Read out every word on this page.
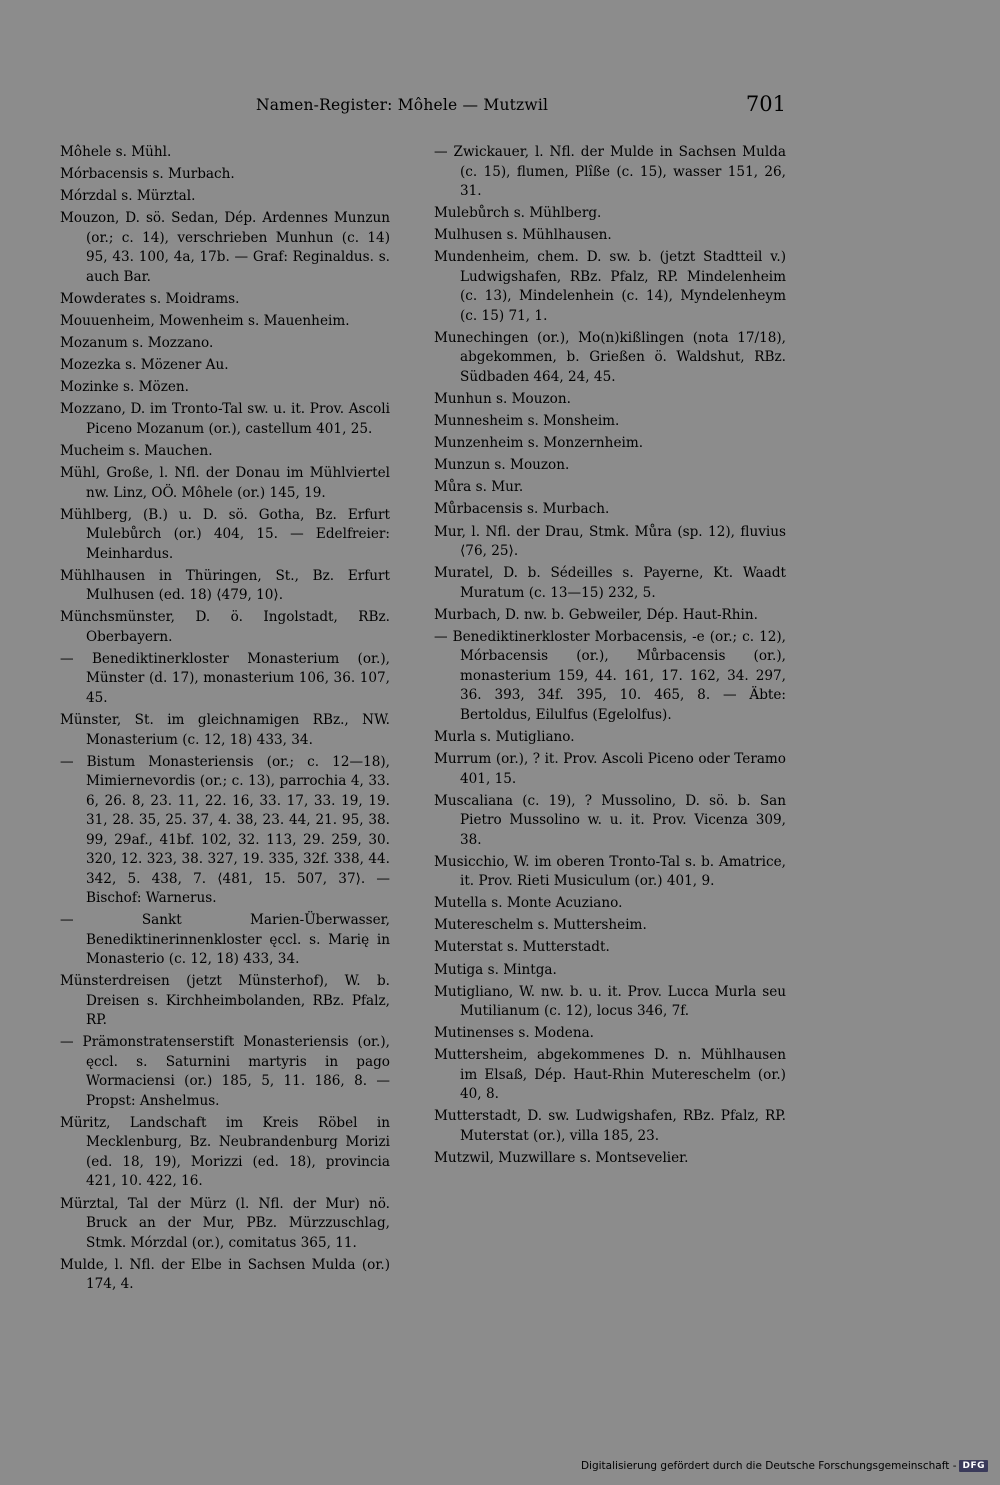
Namen-Register: Môhele — Mutzwil	701
Môhele s. Mühl.
Mórbacensis s. Murbach.
Mórzdal s. Mürztal.
Mouzon, D. sö. Sedan, Dép. Ardennes Munzun (or.; c. 14), verschrieben Munhun (c. 14) 95, 43. 100, 4a, 17b. — Graf: Reginaldus. s. auch Bar.
Mowderates s. Moidrams.
Mouuenheim, Mowenheim s. Mauenheim.
Mozanum s. Mozzano.
Mozezka s. Mözener Au.
Mozinke s. Mözen.
Mozzano, D. im Tronto-Tal sw. u. it. Prov. Ascoli Piceno Mozanum (or.), castellum 401, 25.
Mucheim s. Mauchen.
Mühl, Große, l. Nfl. der Donau im Mühlviertel nw. Linz, OÖ. Môhele (or.) 145, 19.
Mühlberg, (B.) u. D. sö. Gotha, Bz. Erfurt Mulebůrch (or.) 404, 15. — Edelfreier: Meinhardus.
Mühlhausen in Thüringen, St., Bz. Erfurt Mulhusen (ed. 18) ⟨479, 10⟩.
Münchsmünster, D. ö. Ingolstadt, RBz. Oberbayern.
— Benediktinerkloster Monasterium (or.), Münster (d. 17), monasterium 106, 36. 107, 45.
Münster, St. im gleichnamigen RBz., NW. Monasterium (c. 12, 18) 433, 34.
— Bistum Monasteriensis (or.; c. 12—18), Mimiernevordis (or.; c. 13), parrochia 4, 33. 6, 26. 8, 23. 11, 22. 16, 33. 17, 33. 19, 19. 31, 28. 35, 25. 37, 4. 38, 23. 44, 21. 95, 38. 99, 29af., 41bf. 102, 32. 113, 29. 259, 30. 320, 12. 323, 38. 327, 19. 335, 32f. 338, 44. 342, 5. 438, 7. ⟨481, 15. 507, 37⟩. — Bischof: Warnerus.
— Sankt Marien-Überwasser, Benediktinerinnenkloster ęccl. s. Marię in Monasterio (c. 12, 18) 433, 34.
Münsterdreisen (jetzt Münsterhof), W. b. Dreisen s. Kirchheimbolanden, RBz. Pfalz, RP.
— Prämonstratenserstift Monasteriensis (or.), ęccl. s. Saturnini martyris in pago Wormaciensi (or.) 185, 5, 11. 186, 8. — Propst: Anshelmus.
Müritz, Landschaft im Kreis Röbel in Mecklenburg, Bz. Neubrandenburg Morizi (ed. 18, 19), Morizzi (ed. 18), provincia 421, 10. 422, 16.
Mürztal, Tal der Mürz (l. Nfl. der Mur) nö. Bruck an der Mur, PBz. Mürzzuschlag, Stmk. Mórzdal (or.), comitatus 365, 11.
Mulde, l. Nfl. der Elbe in Sachsen Mulda (or.) 174, 4.
— Zwickauer, l. Nfl. der Mulde in Sachsen Mulda (c. 15), flumen, Plîße (c. 15), wasser 151, 26, 31.
Mulebůrch s. Mühlberg.
Mulhusen s. Mühlhausen.
Mundenheim, chem. D. sw. b. (jetzt Stadtteil v.) Ludwigshafen, RBz. Pfalz, RP. Mindelenheim (c. 13), Mindelenhein (c. 14), Myndelenheym (c. 15) 71, 1.
Munechingen (or.), Mo(n)kißlingen (nota 17/18), abgekommen, b. Grießen ö. Waldshut, RBz. Südbaden 464, 24, 45.
Munhun s. Mouzon.
Munnesheim s. Monsheim.
Munzenheim s. Monzernheim.
Munzun s. Mouzon.
Můra s. Mur.
Můrbacensis s. Murbach.
Mur, l. Nfl. der Drau, Stmk. Můra (sp. 12), fluvius ⟨76, 25⟩.
Muratel, D. b. Sédeilles s. Payerne, Kt. Waadt Muratum (c. 13—15) 232, 5.
Murbach, D. nw. b. Gebweiler, Dép. Haut-Rhin.
— Benediktinerkloster Morbacensis, -e (or.; c. 12), Mórbacensis (or.), Můrbacensis (or.), monasterium 159, 44. 161, 17. 162, 34. 297, 36. 393, 34f. 395, 10. 465, 8. — Äbte: Bertoldus, Eilulfus (Egelolfus).
Murla s. Mutigliano.
Murrum (or.), ? it. Prov. Ascoli Piceno oder Teramo 401, 15.
Muscaliana (c. 19), ? Mussolino, D. sö. b. San Pietro Mussolino w. u. it. Prov. Vicenza 309, 38.
Musicchio, W. im oberen Tronto-Tal s. b. Amatrice, it. Prov. Rieti Musiculum (or.) 401, 9.
Mutella s. Monte Acuziano.
Mutereschelm s. Muttersheim.
Muterstat s. Mutterstadt.
Mutiga s. Mintga.
Mutigliano, W. nw. b. u. it. Prov. Lucca Murla seu Mutilianum (c. 12), locus 346, 7f.
Mutinenses s. Modena.
Muttersheim, abgekommenes D. n. Mühlhausen im Elsaß, Dép. Haut-Rhin Mutereschelm (or.) 40, 8.
Mutterstadt, D. sw. Ludwigshafen, RBz. Pfalz, RP. Muterstat (or.), villa 185, 23.
Mutzwil, Muzwillare s. Montsevelier.
Digitalisierung gefördert durch die Deutsche Forschungsgemeinschaft - DFG
